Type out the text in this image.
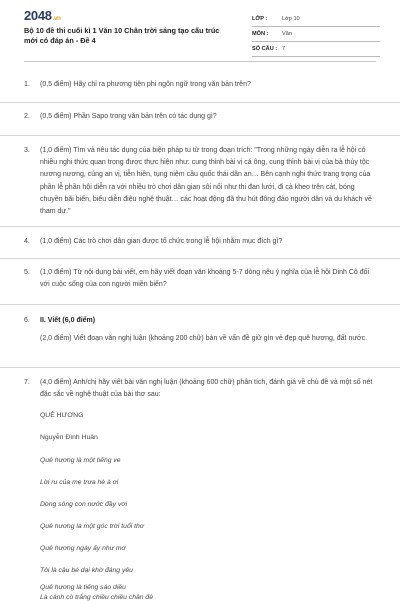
2048.vn
Bộ 10 đề thi cuối kì 1 Văn 10 Chân trời sáng tạo cấu trúc mới có đáp án - Đề 4
LỚP :	Lớp 10
MÔN :	Văn
SỐ CÂU : 7
1.	(0,5 điểm) Hãy chỉ ra phương tiện phi ngôn ngữ trong văn bản trên?
2.	(0,5 điểm) Phần Sapo trong văn bản trên có tác dụng gì?
3.	(1,0 điểm) Tìm và nêu tác dụng của biện pháp tu từ trong đoạn trích: "Trong những ngày diễn ra lễ hội có nhiều nghi thức quan trọng được thực hiện như: cung thỉnh bài vị cá ông, cung thỉnh bài vị của bà thủy tộc nương nương, cúng an vị, tiễn hiền, tụng niệm cầu quốc thái dân an… Bên cạnh nghi thức trang trọng của phần lễ phần hội diễn ra với nhiều trò chơi dân gian sôi nổi như thi đan lưới, đi cà kheo trên cát, bóng chuyền bãi biển, biểu diễn điệu nghệ thuật… các hoạt động đã thu hút đông đảo người dân và du khách về tham dự."
4.	(1,0 điểm) Các trò chơi dân gian được tổ chức trong lễ hội nhằm mục đích gì?
5.	(1,0 điểm) Từ nội dung bài viết, em hãy viết đoạn văn khoảng 5-7 dòng nêu ý nghĩa của lễ hội Dinh Cô đối với cuộc sống của con người miền biển?
6.	II. Viết (6,0 điểm)
(2,0 điểm) Viết đoạn văn nghị luận (khoảng 200 chữ) bàn về vấn đề giữ gìn vẻ đẹp quê hương, đất nước.
7.	(4,0 điểm) Anh/chị hãy viết bài văn nghị luận (khoảng 600 chữ) phân tích, đánh giá về chủ đề và một số nét đặc sắc về nghệ thuật của bài thơ sau:
QUÊ HƯƠNG
Nguyễn Đình Huân
Quê hương là một tiếng ve
Lời ru của mẹ trưa hè à ơi
Dòng sông con nước đầy vơi
Quê hương là một góc trời tuổi thơ
Quê hương ngày ấy như mơ
Tôi là cậu bé dại khờ đáng yêu
Quê hương là tiếng sáo diều
Là cánh cò trắng chiều chiều chân đê
